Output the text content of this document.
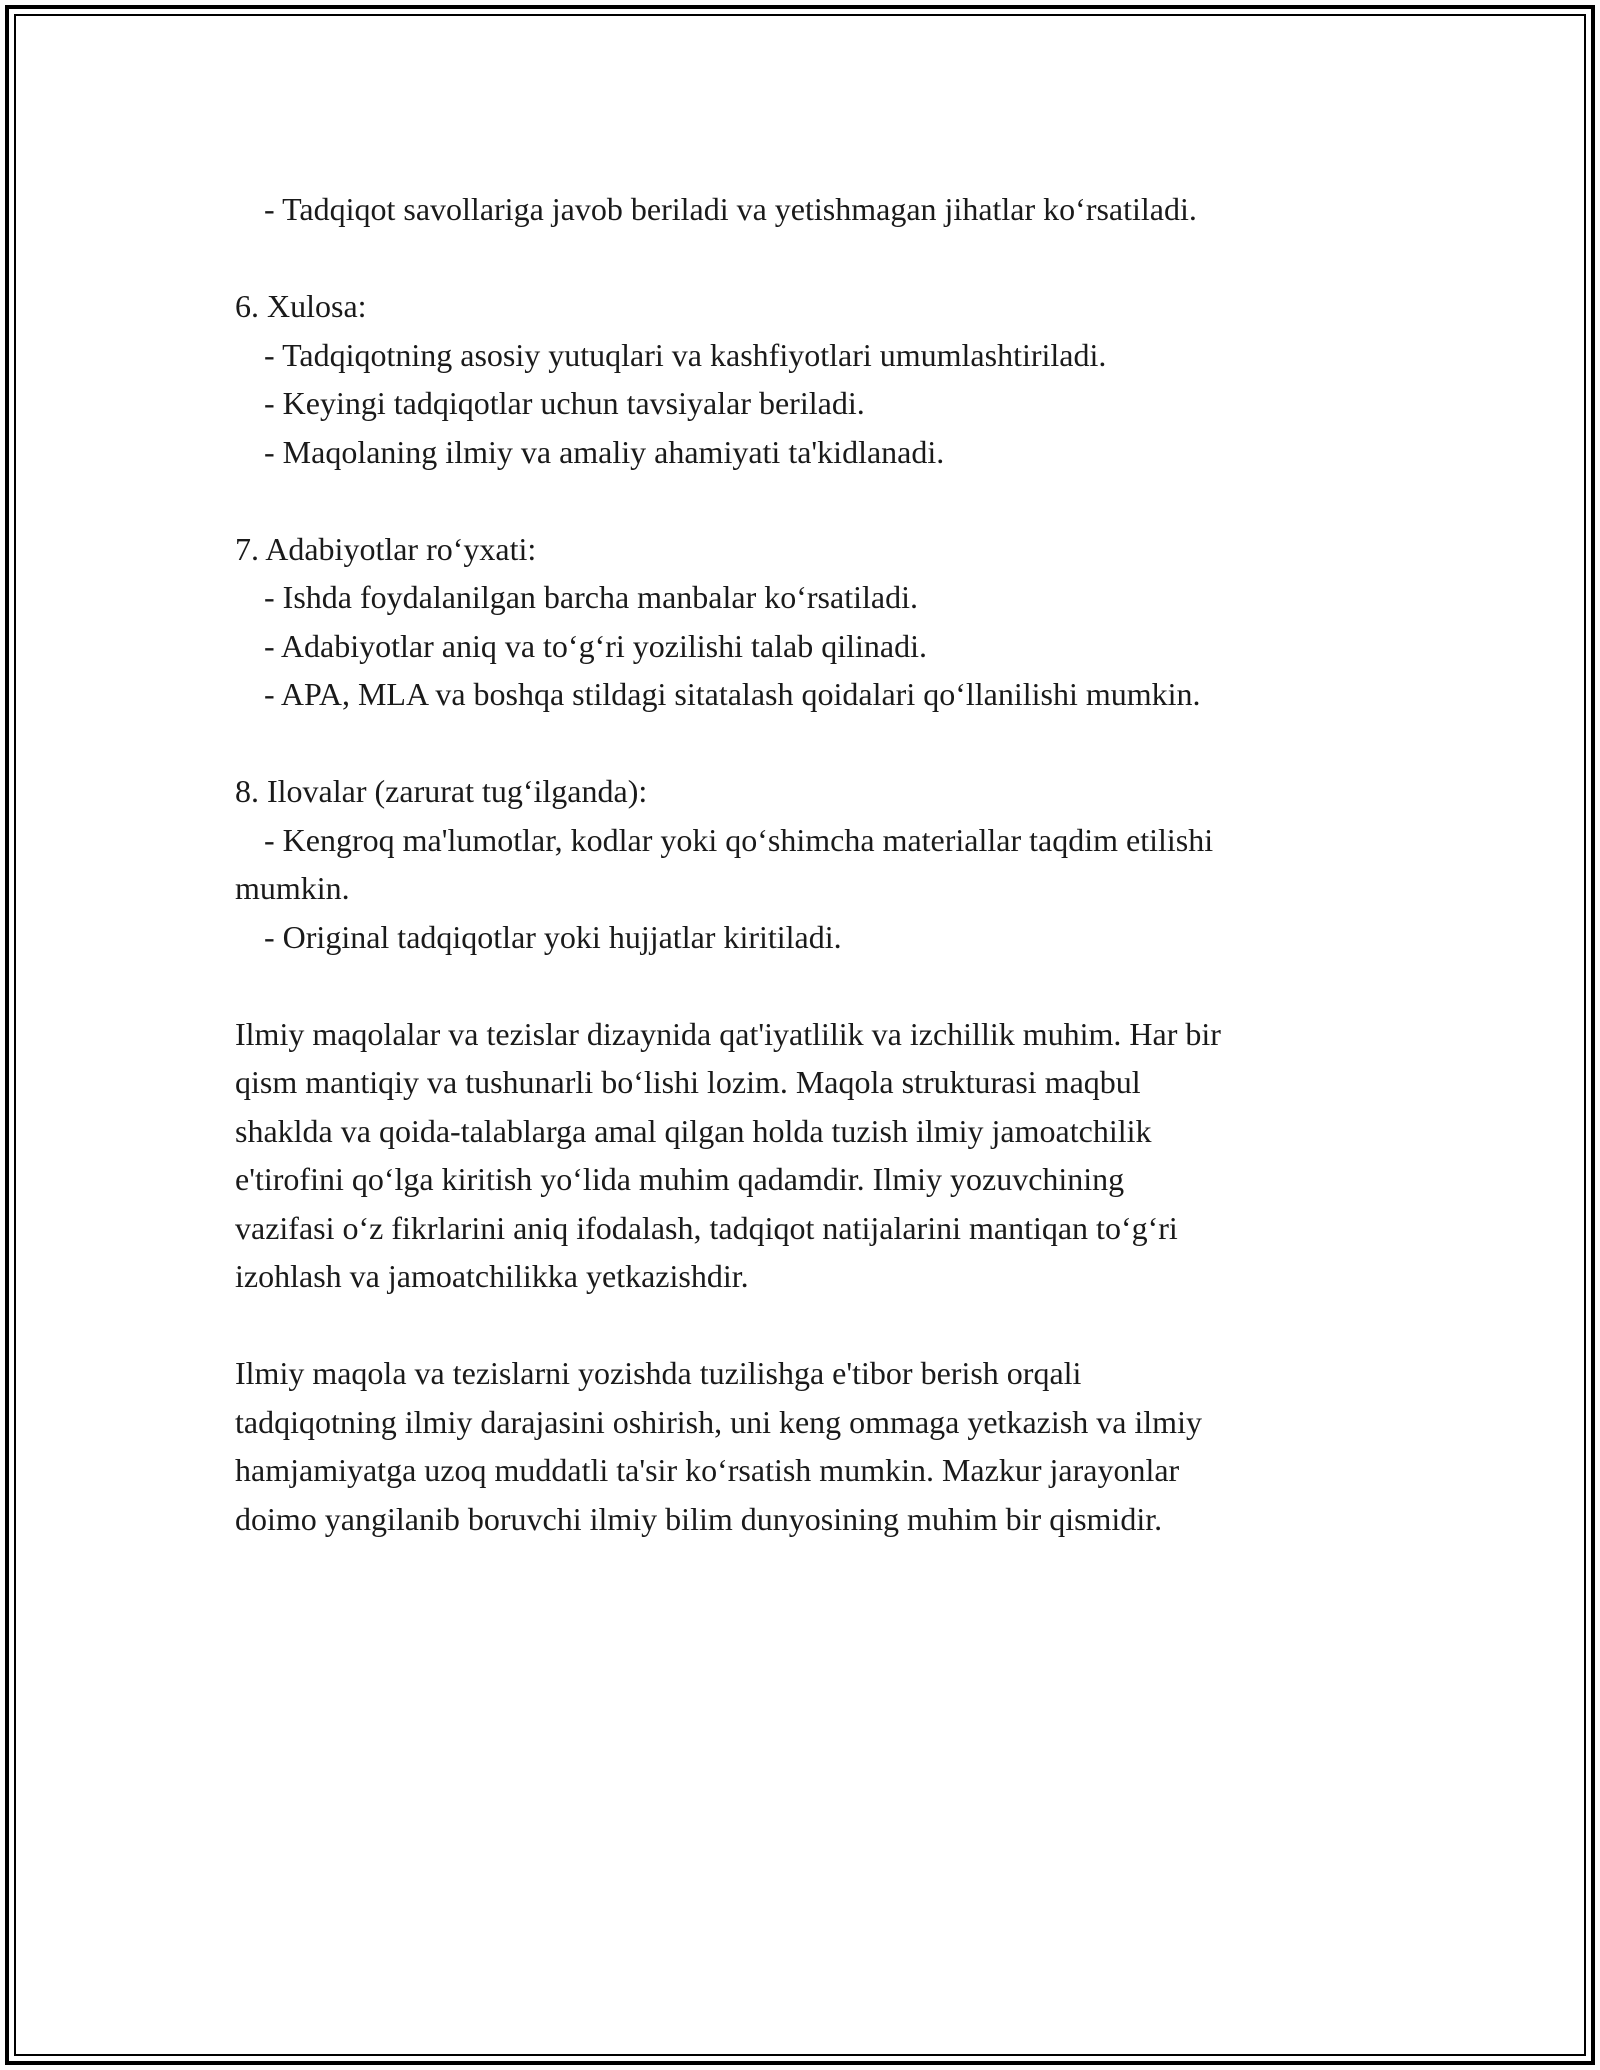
- Tadqiqot savollariga javob beriladi va yetishmagan jihatlar ko‘rsatiladi.

6. Xulosa:

- Tadqiqotning asosiy yutuqlari va kashfiyotlari umumlashtiriladi.

- Keyingi tadqiqotlar uchun tavsiyalar beriladi.

- Maqolaning ilmiy va amaliy ahamiyati ta'kidlanadi.

7. Adabiyotlar ro‘yxati:

- Ishda foydalanilgan barcha manbalar ko‘rsatiladi.

- Adabiyotlar aniq va to‘g‘ri yozilishi talab qilinadi.

- APA, MLA va boshqa stildagi sitatalash qoidalari qo‘llanilishi mumkin.

8. Ilovalar (zarurat tug‘ilganda):

- Kengroq ma'lumotlar, kodlar yoki qo‘shimcha materiallar taqdim etilishi

mumkin.

- Original tadqiqotlar yoki hujjatlar kiritiladi.

Ilmiy maqolalar va tezislar dizaynida qat'iyatlilik va izchillik muhim. Har bir

qism mantiqiy va tushunarli bo‘lishi lozim. Maqola strukturasi maqbul

shaklda va qoida-talablarga amal qilgan holda tuzish ilmiy jamoatchilik

e'tirofini qo‘lga kiritish yo‘lida muhim qadamdir. Ilmiy yozuvchining

vazifasi o‘z fikrlarini aniq ifodalash, tadqiqot natijalarini mantiqan to‘g‘ri

izohlash va jamoatchilikka yetkazishdir.

Ilmiy maqola va tezislarni yozishda tuzilishga e'tibor berish orqali

tadqiqotning ilmiy darajasini oshirish, uni keng ommaga yetkazish va ilmiy

hamjamiyatga uzoq muddatli ta'sir ko‘rsatish mumkin. Mazkur jarayonlar

doimo yangilanib boruvchi ilmiy bilim dunyosining muhim bir qismidir.
